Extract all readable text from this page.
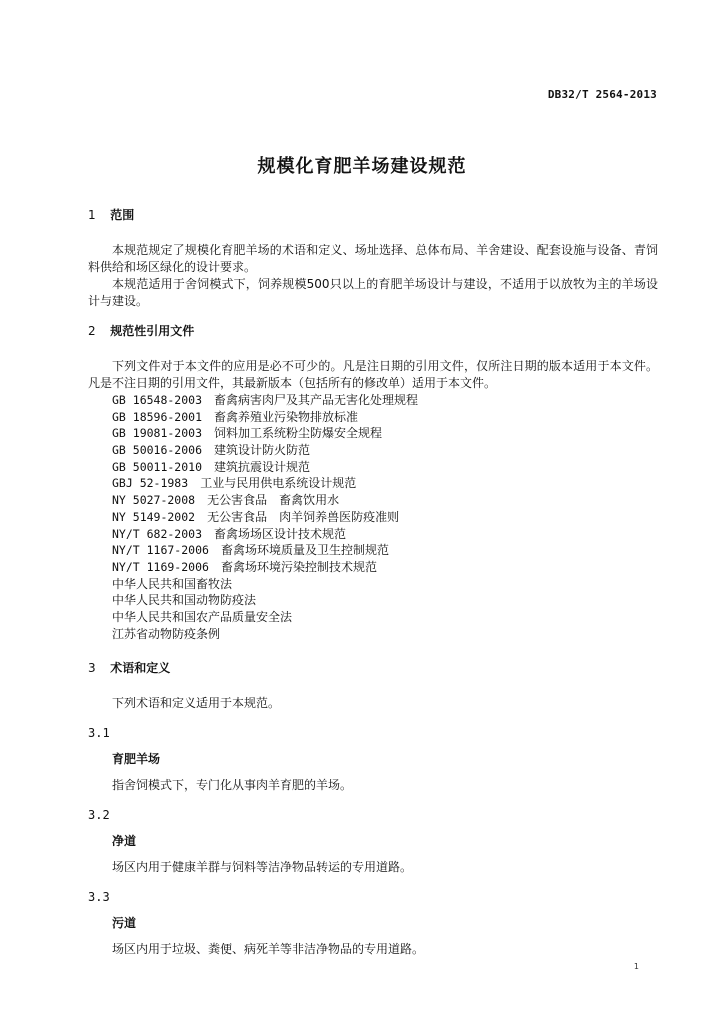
DB32/T 2564-2013
规模化育肥羊场建设规范
1 范围

本规范规定了规模化育肥羊场的术语和定义、场址选择、总体布局、羊舍建设、配套设施与设备、青饲料供给和场区绿化的设计要求。

本规范适用于舍饲模式下，饲养规模500只以上的育肥羊场设计与建设，不适用于以放牧为主的羊场设计与建设。

2 规范性引用文件

下列文件对于本文件的应用是必不可少的。凡是注日期的引用文件，仅所注日期的版本适用于本文件。凡是不注日期的引用文件，其最新版本（包括所有的修改单）适用于本文件。

GB 16548-2003　 畜禽病害肉尸及其产品无害化处理规程
GB 18596-2001　 畜禽养殖业污染物排放标准
GB 19081-2003　 饲料加工系统粉尘防爆安全规程
GB 50016-2006　 建筑设计防火防范
GB 50011-2010　 建筑抗震设计规范
GBJ 52-1983　 工业与民用供电系统设计规范
NY 5027-2008　 无公害食品　畜禽饮用水
NY 5149-2002　 无公害食品　肉羊饲养兽医防疫准则
NY/T 682-2003　 畜禽场场区设计技术规范
NY/T 1167-2006　 畜禽场环境质量及卫生控制规范
NY/T 1169-2006　 畜禽场环境污染控制技术规范
中华人民共和国畜牧法
中华人民共和国动物防疫法
中华人民共和国农产品质量安全法
江苏省动物防疫条例
3 术语和定义

下列术语和定义适用于本规范。

3.1
育肥羊场

指舍饲模式下，专门化从事肉羊育肥的羊场。

3.2
净道

场区内用于健康羊群与饲料等洁净物品转运的专用道路。

3.3
污道

场区内用于垃圾、粪便、病死羊等非洁净物品的专用道路。

1
